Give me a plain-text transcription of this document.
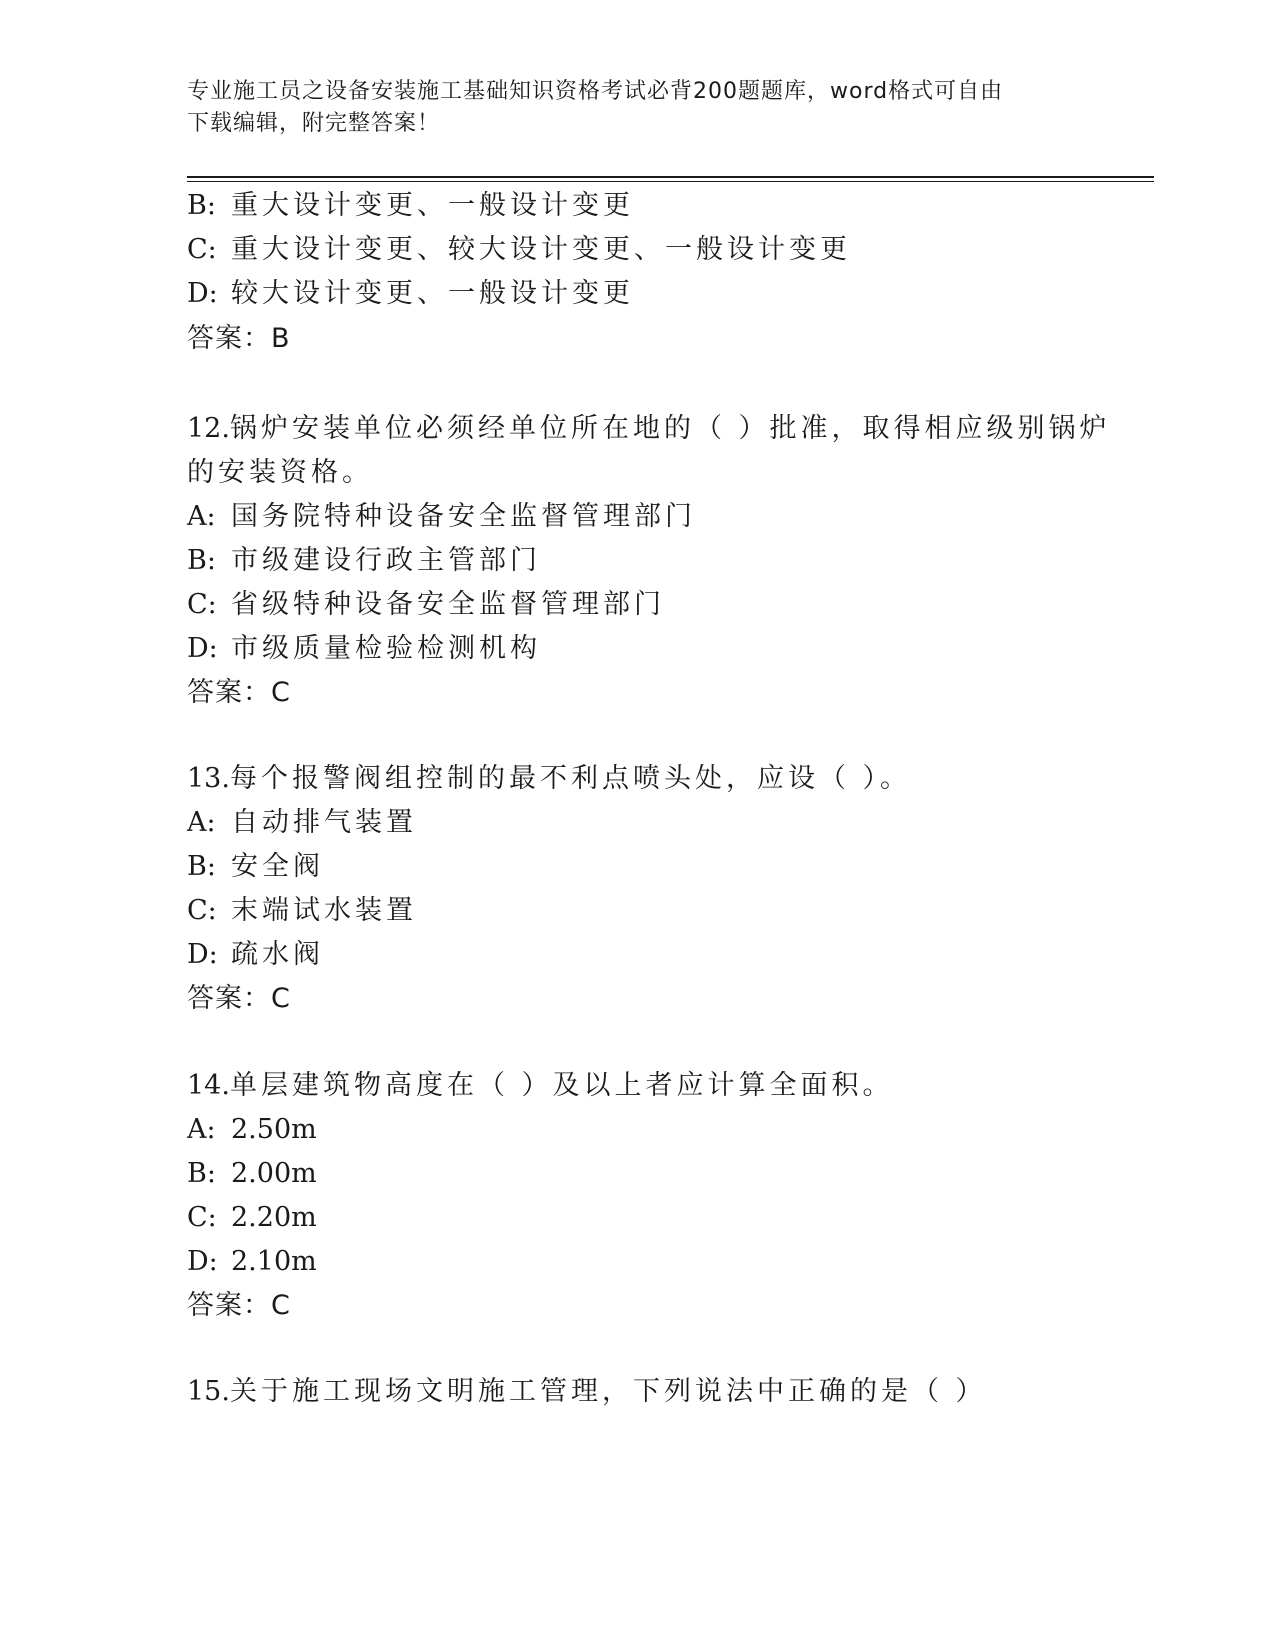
专业施工员之设备安装施工基础知识资格考试必背200题题库，word格式可自由
下载编辑，附完整答案！
B: 重大设计变更、一般设计变更
C: 重大设计变更、较大设计变更、一般设计变更
D: 较大设计变更、一般设计变更
答案：B
12.锅炉安装单位必须经单位所在地的（ ）批准，取得相应级别锅炉
的安装资格。
A: 国务院特种设备安全监督管理部门
B: 市级建设行政主管部门
C: 省级特种设备安全监督管理部门
D: 市级质量检验检测机构
答案：C
13.每个报警阀组控制的最不利点喷头处，应设（ ）。
A: 自动排气装置
B: 安全阀
C: 末端试水装置
D: 疏水阀
答案：C
14.单层建筑物高度在（ ）及以上者应计算全面积。
A: 2.50m
B: 2.00m
C: 2.20m
D: 2.10m
答案：C
15.关于施工现场文明施工管理，下列说法中正确的是（ ）
